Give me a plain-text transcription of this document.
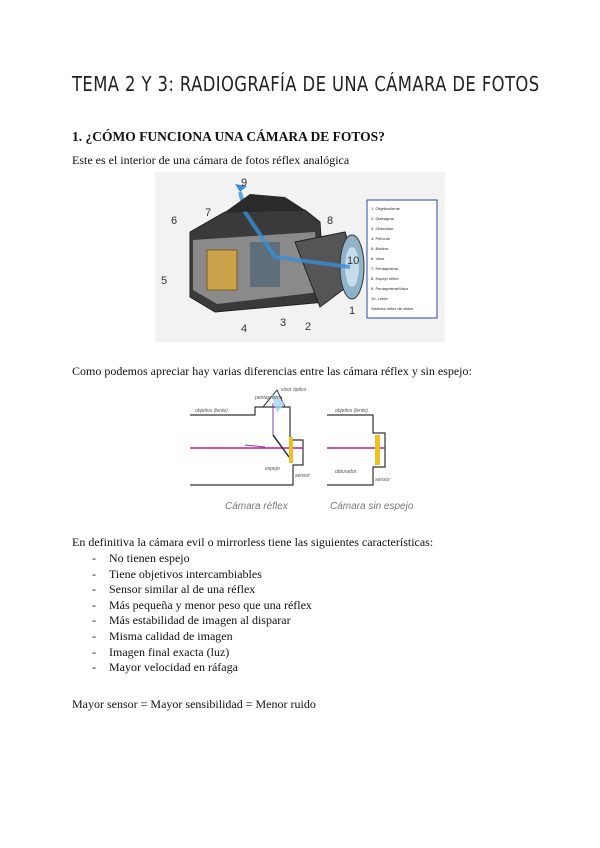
TEMA 2 Y 3: RADIOGRAFÍA DE UNA CÁMARA DE FOTOS
1. ¿CÓMO FUNCIONA UNA CÁMARA DE FOTOS?
Este es el interior de una cámara de fotos réflex analógica
9
6
7
8
10
5
4	3 2
1
1. Objetivo/lente
2. Diafragma
3. Obturador
4. Película
5. Bobina
6. Visor
7. Pentaprisma
8. Espejo réflex
9. Pentaprisma/Visor
10. Lente
Sistema réflex de visión
Como podemos apreciar hay varias diferencias entre las cámara réflex y sin espejo:
objetivo (lente)
pentaprisma
visor óptico
espejo
sensor
objetivo (lente)
obturador
sensor
Cámara réflex	Cámara sin espejo
En definitiva la cámara evil o mirrorless tiene las siguientes características:
- No tienen espejo
- Tiene objetivos intercambiables
- Sensor similar al de una réflex
- Más pequeña y menor peso que una réflex
- Más estabilidad de imagen al disparar
- Misma calidad de imagen
- Imagen final exacta (luz)
- Mayor velocidad en ráfaga
Mayor sensor = Mayor sensibilidad = Menor ruido
